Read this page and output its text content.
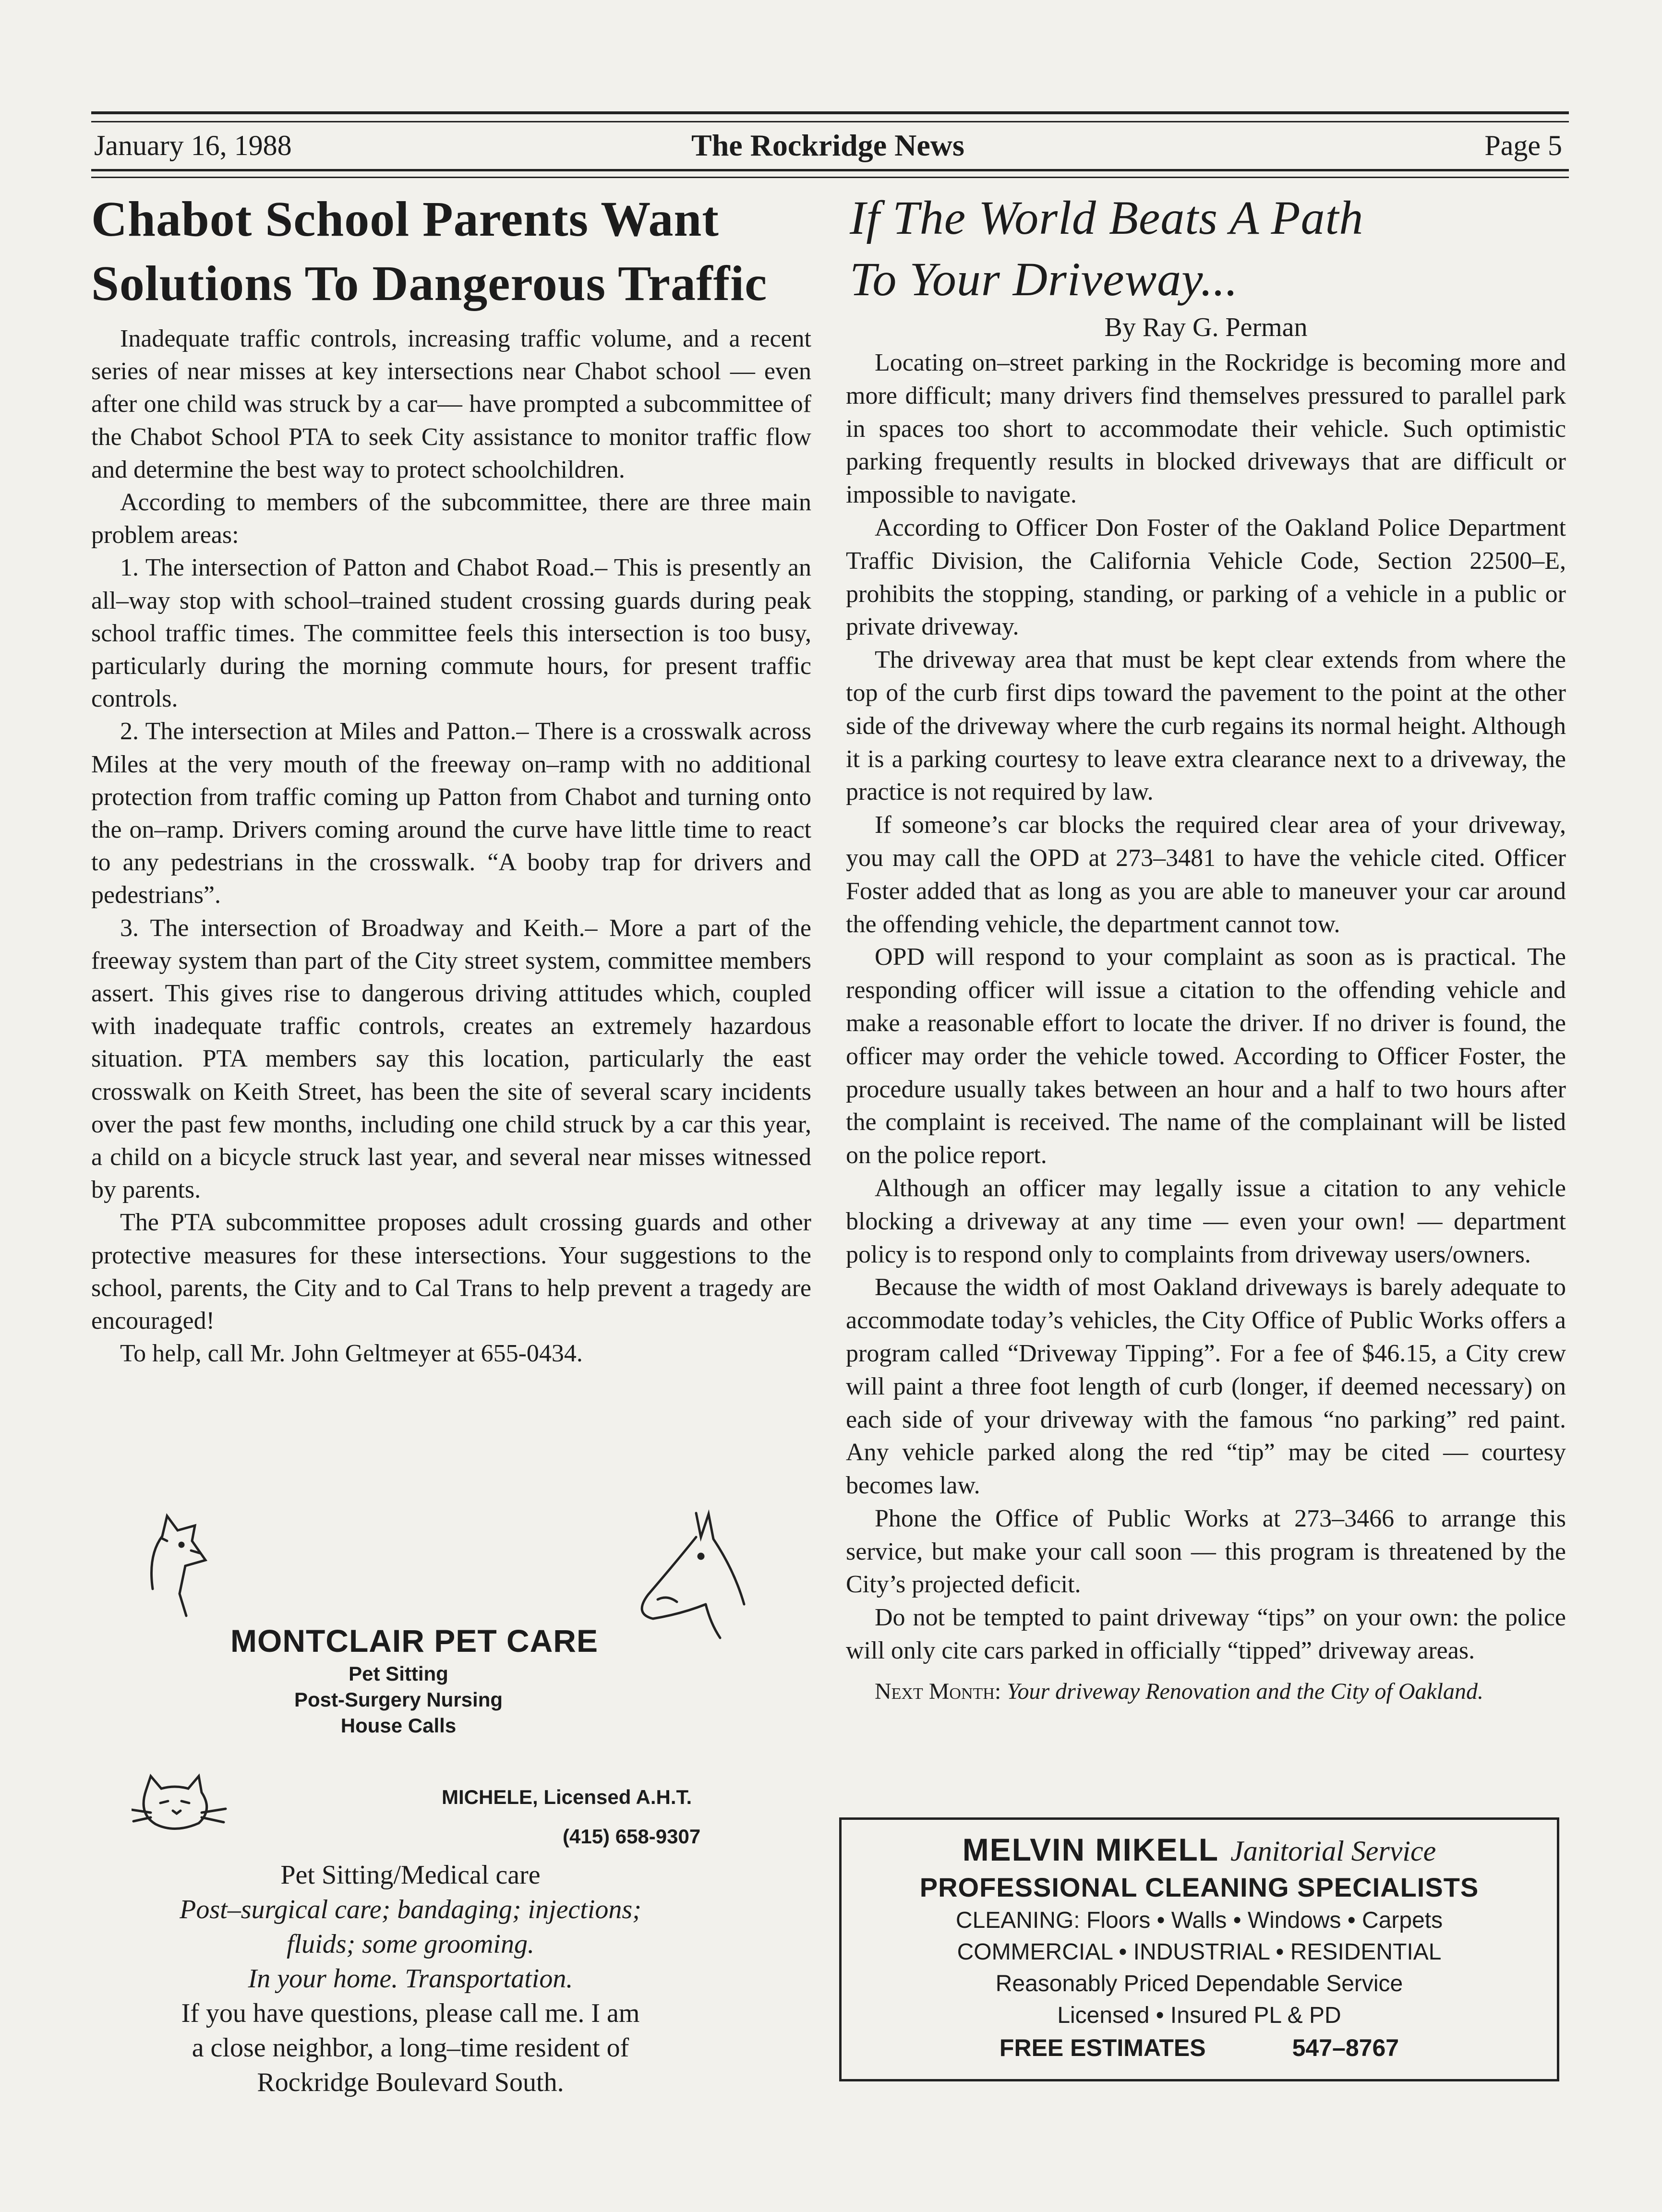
January 16, 1988	The Rockridge News	Page 5
Chabot School Parents Want
Solutions To Dangerous Traffic

Inadequate traffic controls, increasing traffic volume, and a recent series of near misses at key intersections near Chabot school — even after one child was struck by a car— have prompted a subcommittee of the Chabot School PTA to seek City assistance to monitor traffic flow and determine the best way to protect schoolchildren.

According to members of the subcommittee, there are three main problem areas:

1. The intersection of Patton and Chabot Road.– This is presently an all–way stop with school–trained student crossing guards during peak school traffic times. The committee feels this intersection is too busy, particularly during the morning commute hours, for present traffic controls.

2. The intersection at Miles and Patton.– There is a crosswalk across Miles at the very mouth of the freeway on–ramp with no additional protection from traffic coming up Patton from Chabot and turning onto the on–ramp. Drivers coming around the curve have little time to react to any pedestrians in the crosswalk. “A booby trap for drivers and pedestrians”.

3. The intersection of Broadway and Keith.– More a part of the freeway system than part of the City street system, committee members assert. This gives rise to dangerous driving attitudes which, coupled with inadequate traffic controls, creates an extremely hazardous situation. PTA members say this location, particularly the east crosswalk on Keith Street, has been the site of several scary incidents over the past few months, including one child struck by a car this year, a child on a bicycle struck last year, and several near misses witnessed by parents.

The PTA subcommittee proposes adult crossing guards and other protective measures for these intersections. Your suggestions to the school, parents, the City and to Cal Trans to help prevent a tragedy are encouraged!

To help, call Mr. John Geltmeyer at 655-0434.

If The World Beats A Path
To Your Driveway...

By Ray G. Perman

Locating on–street parking in the Rockridge is becoming more and more difficult; many drivers find themselves pressured to parallel park in spaces too short to accommodate their vehicle. Such optimistic parking frequently results in blocked driveways that are difficult or impossible to navigate.

According to Officer Don Foster of the Oakland Police Department Traffic Division, the California Vehicle Code, Section 22500–E, prohibits the stopping, standing, or parking of a vehicle in a public or private driveway.

The driveway area that must be kept clear extends from where the top of the curb first dips toward the pavement to the point at the other side of the driveway where the curb regains its normal height. Although it is a parking courtesy to leave extra clearance next to a driveway, the practice is not required by law.

If someone’s car blocks the required clear area of your driveway, you may call the OPD at 273–3481 to have the vehicle cited. Officer Foster added that as long as you are able to maneuver your car around the offending vehicle, the department cannot tow.

OPD will respond to your complaint as soon as is practical. The responding officer will issue a citation to the offending vehicle and make a reasonable effort to locate the driver. If no driver is found, the officer may order the vehicle towed. According to Officer Foster, the procedure usually takes between an hour and a half to two hours after the complaint is received. The name of the complainant will be listed on the police report.

Although an officer may legally issue a citation to any vehicle blocking a driveway at any time — even your own! — department policy is to respond only to complaints from driveway users/owners.

Because the width of most Oakland driveways is barely adequate to accommodate today’s vehicles, the City Office of Public Works offers a program called “Driveway Tipping”. For a fee of $46.15, a City crew will paint a three foot length of curb (longer, if deemed necessary) on each side of your driveway with the famous “no parking” red paint. Any vehicle parked along the red “tip” may be cited — courtesy becomes law.

Phone the Office of Public Works at 273–3466 to arrange this service, but make your call soon — this program is threatened by the City’s projected deficit.

Do not be tempted to paint driveway “tips” on your own: the police will only cite cars parked in officially “tipped” driveway areas.

Next Month: Your driveway Renovation and the City of Oakland.

MONTCLAIR PET CARE
Pet Sitting
Post-Surgery Nursing
House Calls
MICHELE, Licensed A.H.T.
(415) 658-9307
Pet Sitting/Medical care
Post–surgical care; bandaging; injections;
fluids; some grooming.
In your home. Transportation.
If you have questions, please call me. I am
a close neighbor, a long–time resident of
Rockridge Boulevard South.
MELVIN MIKELL Janitorial Service
PROFESSIONAL CLEANING SPECIALISTS
CLEANING: Floors • Walls • Windows • Carpets
COMMERCIAL • INDUSTRIAL • RESIDENTIAL
Reasonably Priced Dependable Service
Licensed • Insured PL & PD
FREE ESTIMATES	547–8767
